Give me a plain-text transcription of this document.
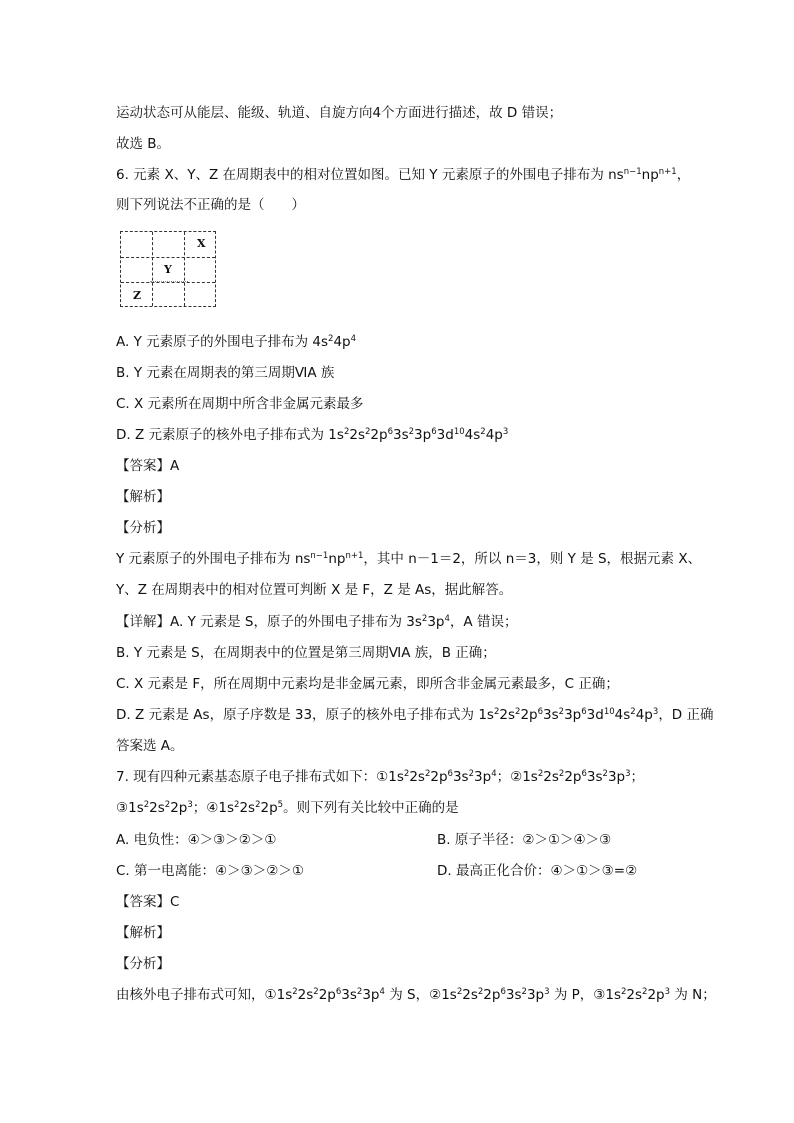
运动状态可从能层、能级、轨道、自旋方向4个方面进行描述，故 D 错误；
故选 B。
6. 元素 X、Y、Z 在周期表中的相对位置如图。已知 Y 元素原子的外围电子排布为 $ns^{n-1}np^{n+1}$，
则下列说法不正确的是（　　）
X
Y
Z
A. Y 元素原子的外围电子排布为 $4s^24p^4$
B. Y 元素在周期表的第三周期ⅥA 族
C. X 元素所在周期中所含非金属元素最多
D. Z 元素原子的核外电子排布式为 $1s^22s^22p^63s^23p^63d^{10}4s^24p^3$
【答案】A
【解析】
【分析】
Y 元素原子的外围电子排布为 $ns^{n-1}np^{n+1}$，其中 n－1＝2，所以 n＝3，则 Y 是 S，根据元素 X、
Y、Z 在周期表中的相对位置可判断 X 是 F，Z 是 As，据此解答。
【详解】A. Y 元素是 S，原子的外围电子排布为 $3s^23p^4$，A 错误；
B. Y 元素是 S，在周期表中的位置是第三周期ⅥA 族，B 正确；
C. X 元素是 F，所在周期中元素均是非金属元素，即所含非金属元素最多，C 正确；
D. Z 元素是 As，原子序数是 33，原子的核外电子排布式为 $1s^22s^22p^63s^23p^63d^{10}4s^24p^3$，D 正确
答案选 A。
7. 现有四种元素基态原子电子排布式如下：$①1s^22s^22p^63s^23p^4$；$②1s^22s^22p^63s^23p^3$；
$③1s^22s^22p^3$；$④1s^22s^22p^5$。则下列有关比较中正确的是
A. 电负性：④＞③＞②＞①	B. 原子半径：②＞①＞④＞③
C. 第一电离能：④＞③＞②＞①	D. 最高正化合价：④＞①＞③=②
【答案】C
【解析】
【分析】
由核外电子排布式可知，$①1s^22s^22p^63s^23p^4$ 为 S，$②1s^22s^22p^63s^23p^3$ 为 P，$③1s^22s^22p^3$ 为 N；
